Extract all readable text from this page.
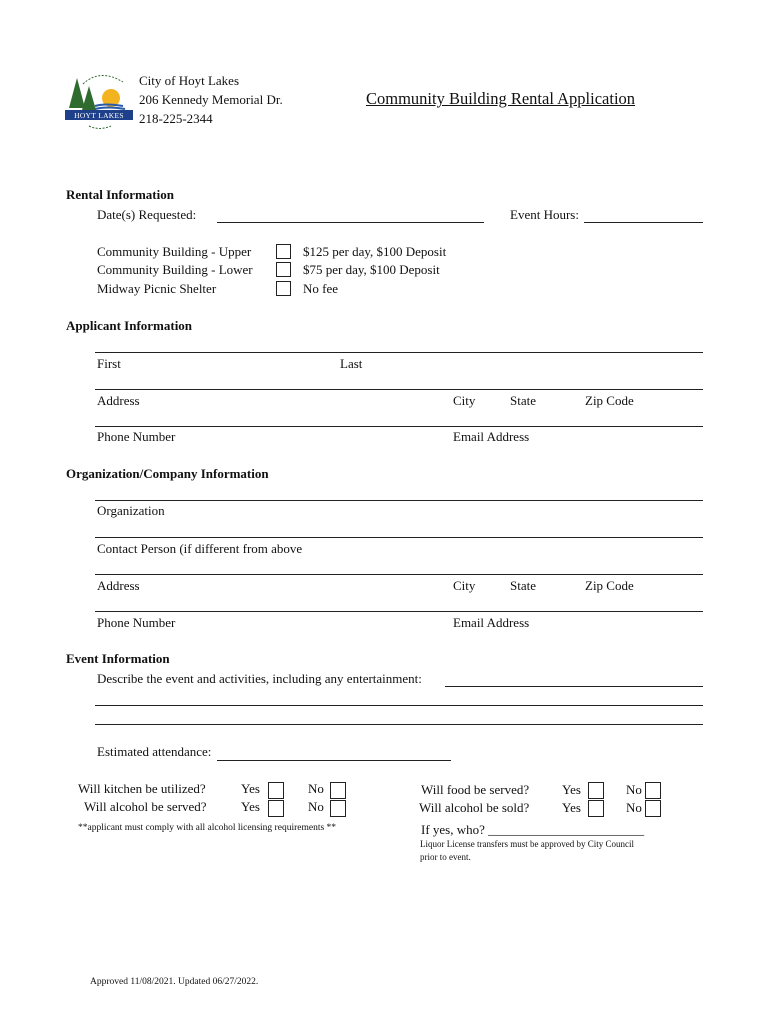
HOYT LAKES
City of Hoyt Lakes
206 Kennedy Memorial Dr.
218-225-2344
Community Building Rental Application
Rental Information
Date(s) Requested:	Event Hours:
Community Building - Upper	$125 per day, $100 Deposit
Community Building - Lower	$75 per day, $100 Deposit
Midway Picnic Shelter	No fee
Applicant Information
First	Last
Address	City	State	Zip Code
Phone Number	Email Address
Organization/Company Information
Organization
Contact Person (if different from above
Address	City	State	Zip Code
Phone Number	Email Address
Event Information
Describe the event and activities, including any entertainment:
Estimated attendance:
Will kitchen be utilized?	Yes	No
Will alcohol be served?	Yes	No
Will food be served?	Yes	No
Will alcohol be sold?	Yes	No
**applicant must comply with all alcohol licensing requirements **	If yes, who? ________________________
Liquor License transfers must be approved by City Council
prior to event.
Approved 11/08/2021. Updated 06/27/2022.
